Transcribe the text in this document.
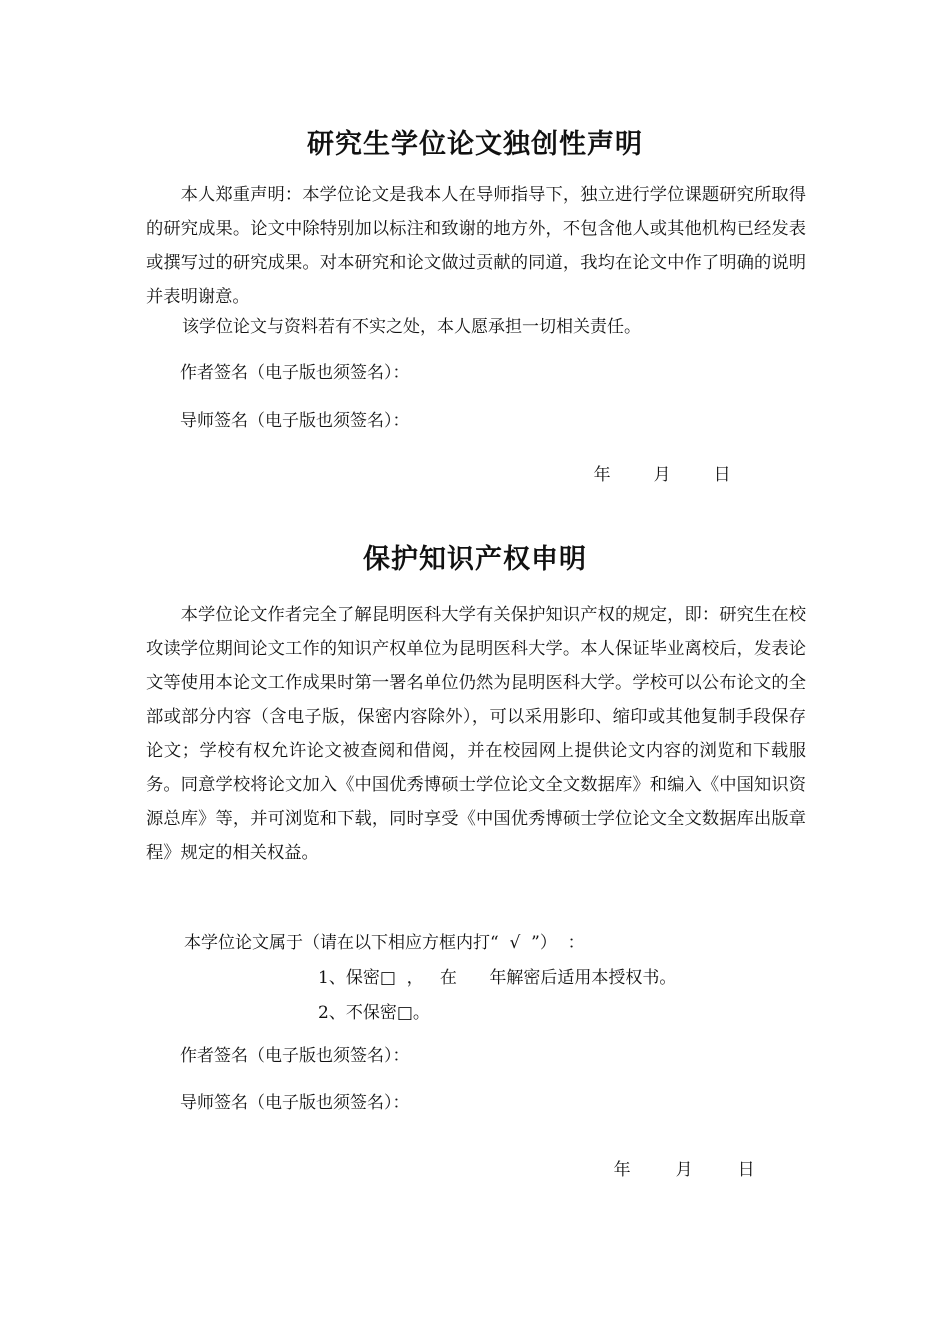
研究生学位论文独创性声明

本人郑重声明：本学位论文是我本人在导师指导下，独立进行学位课题研究所取得的研究成果。论文中除特别加以标注和致谢的地方外，不包含他人或其他机构已经发表或撰写过的研究成果。对本研究和论文做过贡献的同道，我均在论文中作了明确的说明并表明谢意。

该学位论文与资料若有不实之处，本人愿承担一切相关责任。
作者签名（电子版也须签名）：
导师签名（电子版也须签名）：

年	月	日

保护知识产权申明

本学位论文作者完全了解昆明医科大学有关保护知识产权的规定，即：研究生在校攻读学位期间论文工作的知识产权单位为昆明医科大学。本人保证毕业离校后，发表论文等使用本论文工作成果时第一署名单位仍然为昆明医科大学。学校可以公布论文的全部或部分内容（含电子版，保密内容除外），可以采用影印、缩印或其他复制手段保存论文；学校有权允许论文被查阅和借阅，并在校园网上提供论文内容的浏览和下载服务。同意学校将论文加入《中国优秀博硕士学位论文全文数据库》和编入《中国知识资源总库》等，并可浏览和下载，同时享受《中国优秀博硕士学位论文全文数据库出版章程》规定的相关权益。

本学位论文属于（请在以下相应方框内打“  √  ”）  ：
1、保密□  ，   在      年解密后适用本授权书。
2、不保密□。
作者签名（电子版也须签名）：
导师签名（电子版也须签名）：

年	月	日
